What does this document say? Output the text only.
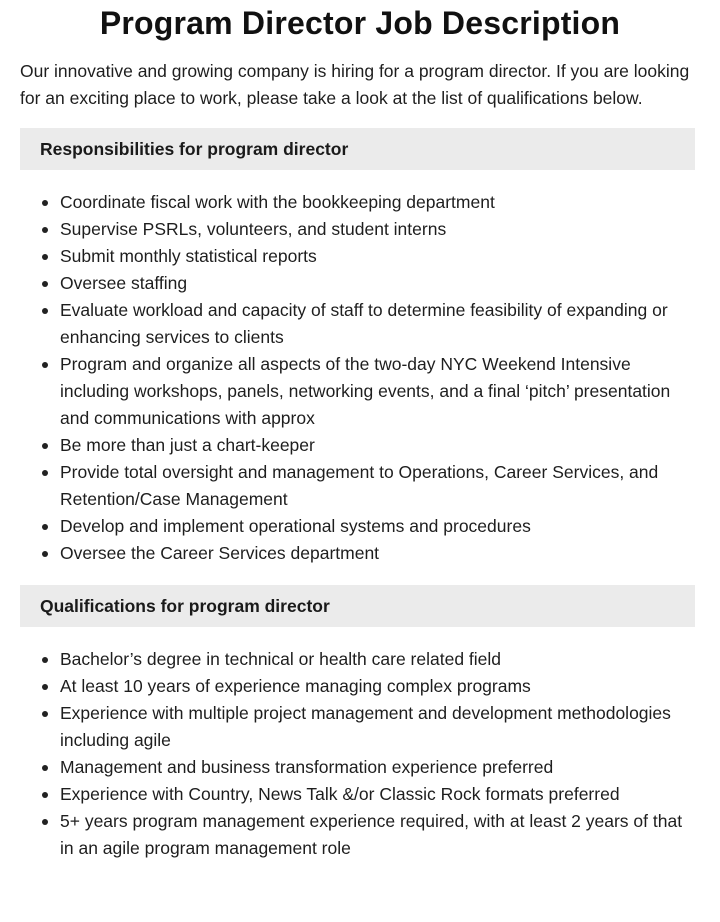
Program Director Job Description

Our innovative and growing company is hiring for a program director. If you are looking for an exciting place to work, please take a look at the list of qualifications below.

Responsibilities for program director
Coordinate fiscal work with the bookkeeping department
Supervise PSRLs, volunteers, and student interns
Submit monthly statistical reports
Oversee staffing
Evaluate workload and capacity of staff to determine feasibility of expanding or enhancing services to clients
Program and organize all aspects of the two-day NYC Weekend Intensive including workshops, panels, networking events, and a final ‘pitch’ presentation and communications with approx
Be more than just a chart-keeper
Provide total oversight and management to Operations, Career Services, and Retention/Case Management
Develop and implement operational systems and procedures
Oversee the Career Services department
Qualifications for program director
Bachelor’s degree in technical or health care related field
At least 10 years of experience managing complex programs
Experience with multiple project management and development methodologies including agile
Management and business transformation experience preferred
Experience with Country, News Talk &/or Classic Rock formats preferred
5+ years program management experience required, with at least 2 years of that in an agile program management role
